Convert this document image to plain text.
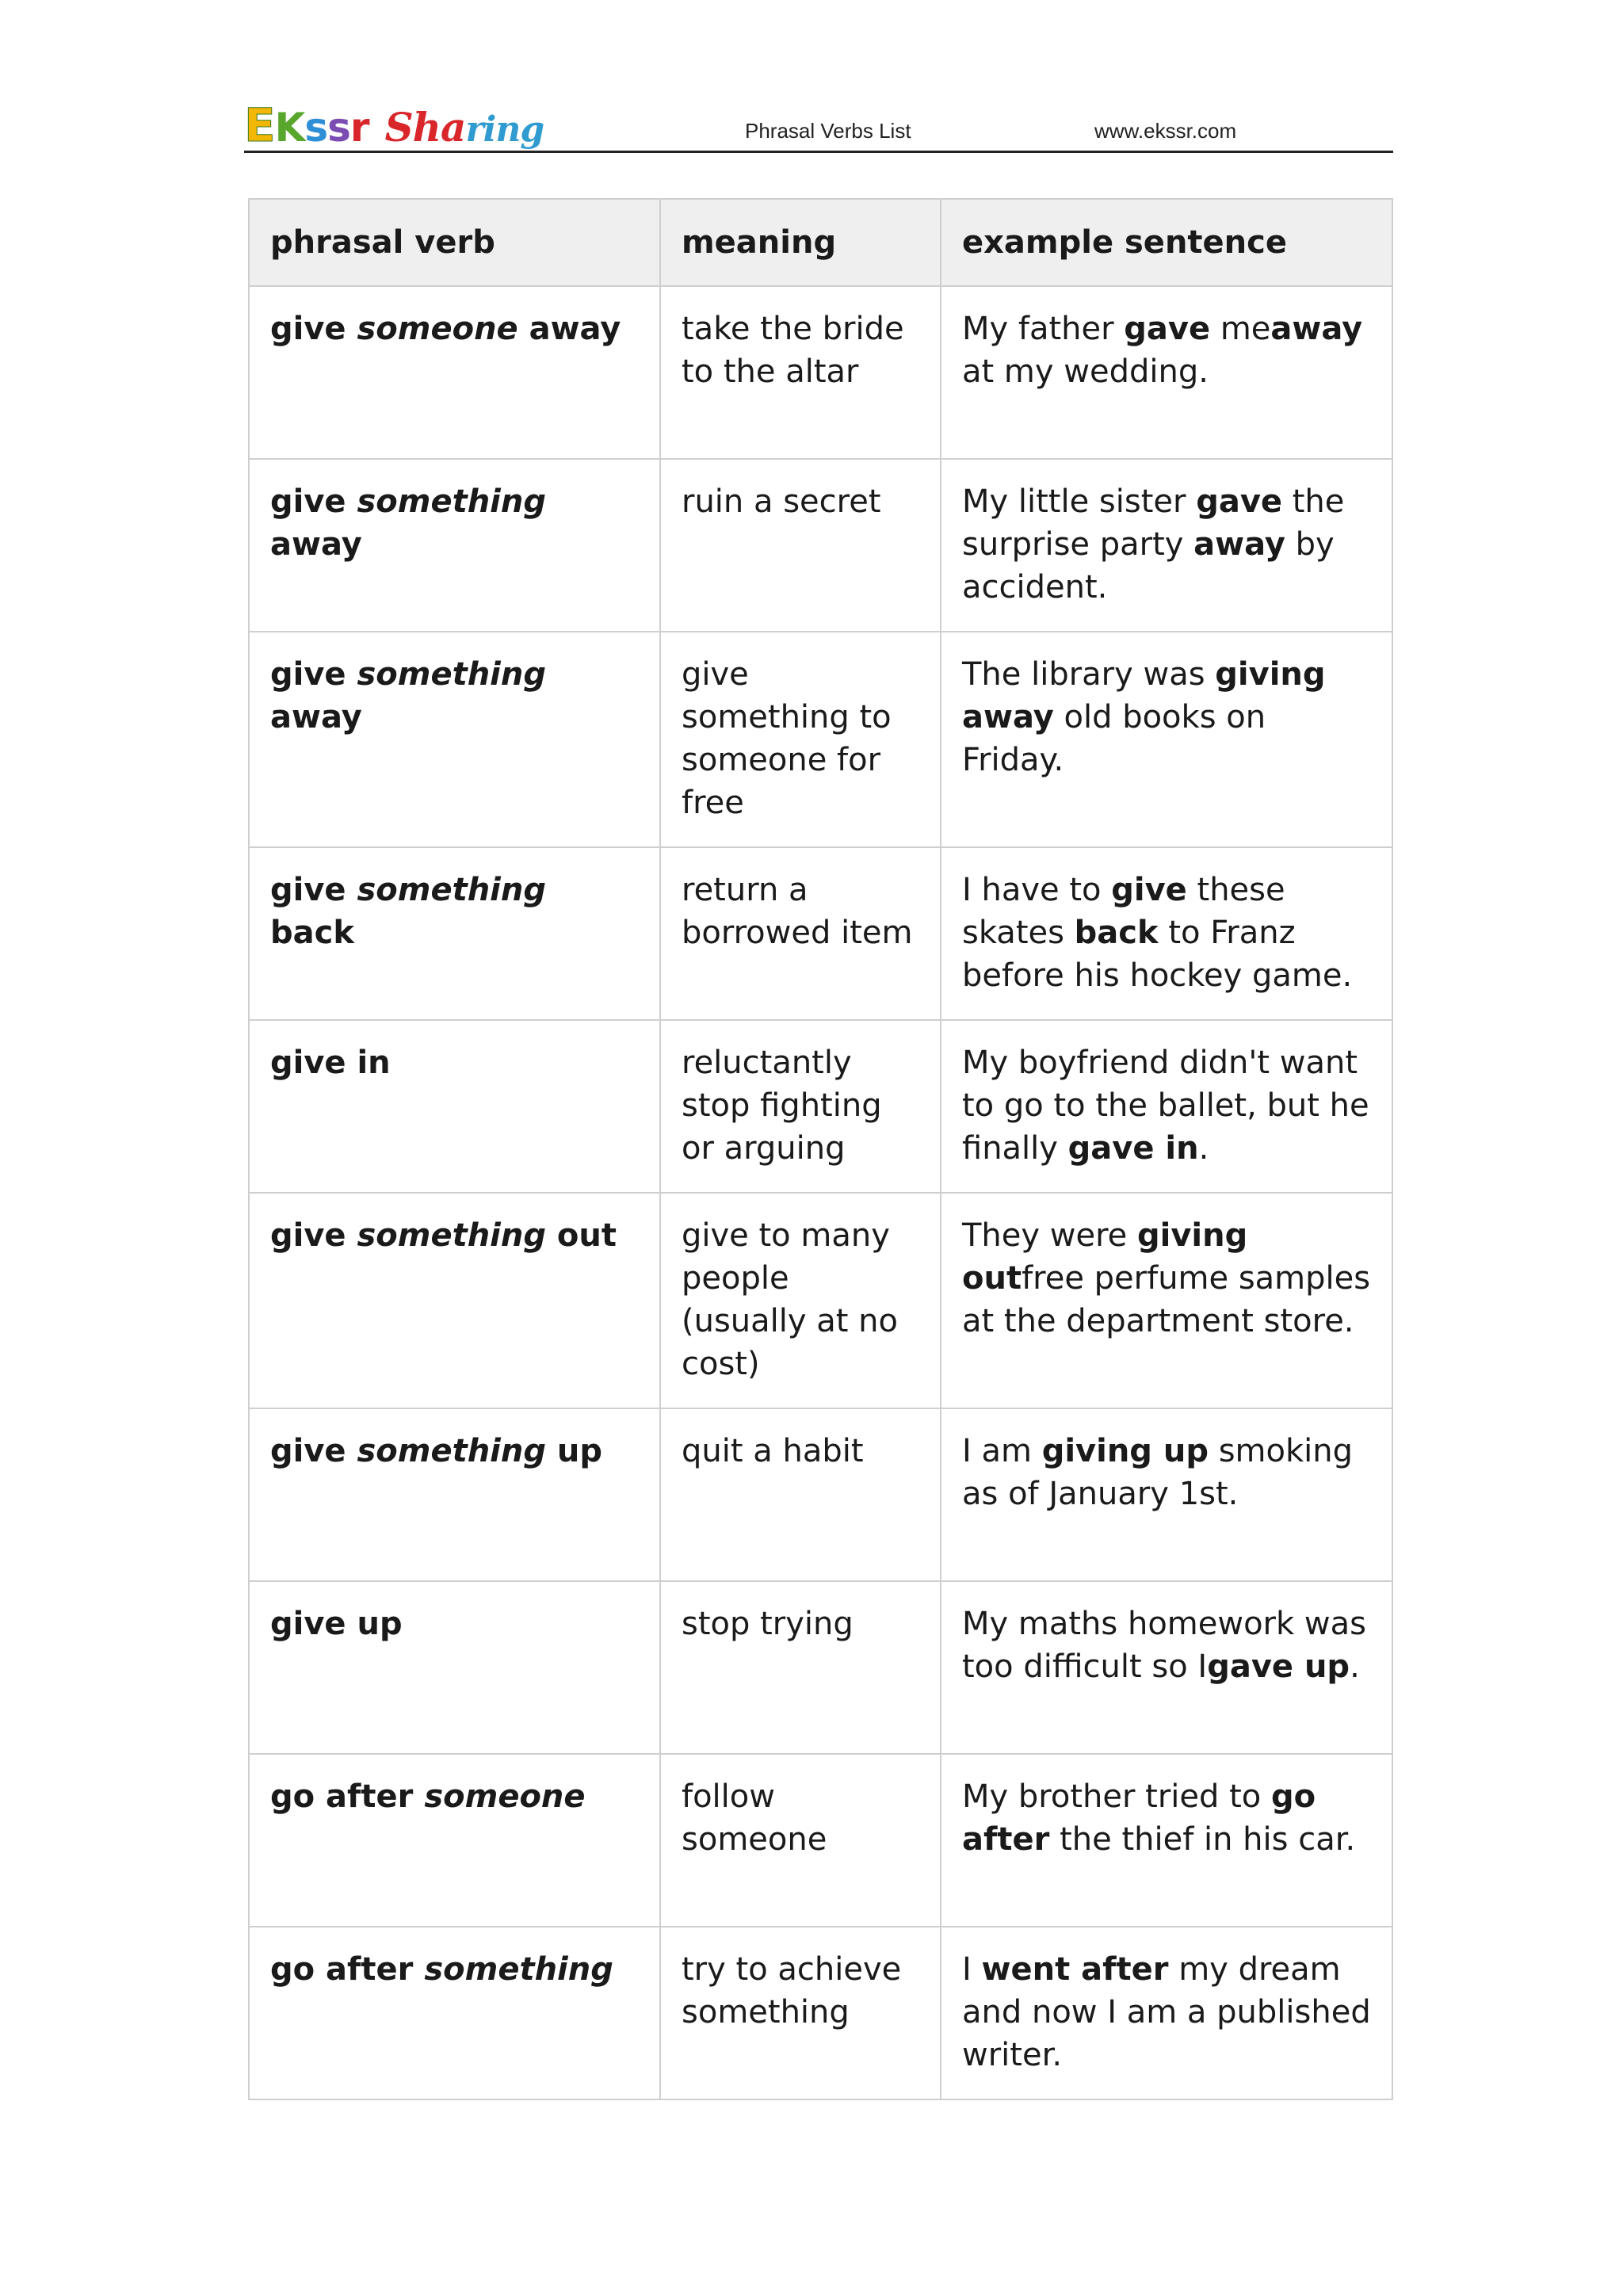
EKssr Sharing	Phrasal Verbs List	www.ekssr.com
phrasal verb	meaning	example sentence
give someone away	take the bride to the altar	My father gave meaway at my wedding.
give something away	ruin a secret	My little sister gave the surprise party away by accident.
give something away	give something to someone for free	The library was giving away old books on Friday.
give something back	return a borrowed item	I have to give these skates back to Franz before his hockey game.
give in	reluctantly stop fighting or arguing	My boyfriend didn't want to go to the ballet, but he finally gave in.
give something out	give to many people (usually at no cost)	They were giving outfree perfume samples at the department store.
give something up	quit a habit	I am giving up smoking as of January 1st.
give up	stop trying	My maths homework was too difficult so Igave up.
go after someone	follow someone	My brother tried to go after the thief in his car.
go after something	try to achieve something	I went after my dream and now I am a published writer.
